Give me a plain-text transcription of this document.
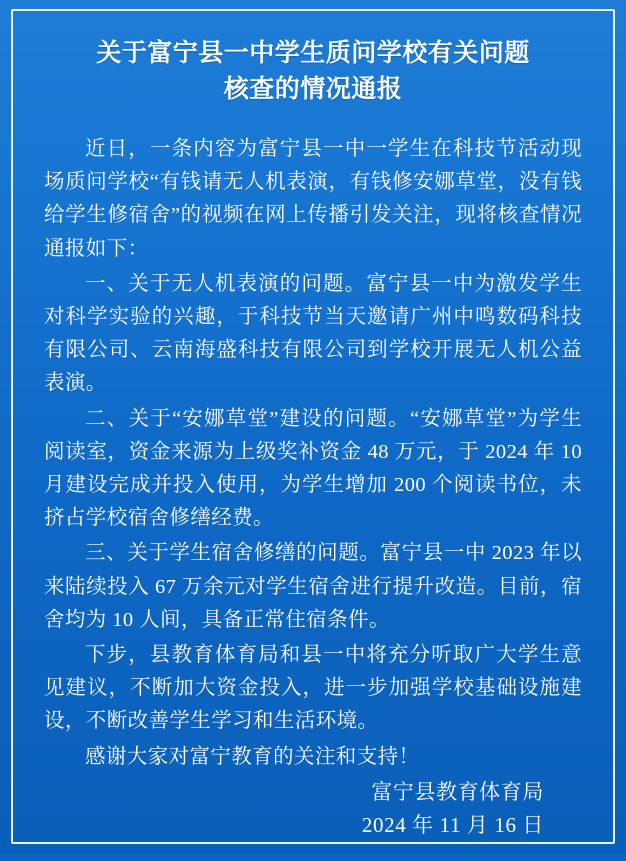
关于富宁县一中学生质问学校有关问题
核查的情况通报

近日，一条内容为富宁县一中一学生在科技节活动现场质问学校“有钱请无人机表演，有钱修安娜草堂，没有钱给学生修宿舍”的视频在网上传播引发关注，现将核查情况通报如下：

一、关于无人机表演的问题。富宁县一中为激发学生对科学实验的兴趣，于科技节当天邀请广州中鸣数码科技有限公司、云南海盛科技有限公司到学校开展无人机公益表演。

二、关于“安娜草堂”建设的问题。“安娜草堂”为学生阅读室，资金来源为上级奖补资金 48 万元，于 2024 年 10 月建设完成并投入使用，为学生增加 200 个阅读书位，未挤占学校宿舍修缮经费。

三、关于学生宿舍修缮的问题。富宁县一中 2023 年以来陆续投入 67 万余元对学生宿舍进行提升改造。目前，宿舍均为 10 人间，具备正常住宿条件。

下步，县教育体育局和县一中将充分听取广大学生意见建议，不断加大资金投入，进一步加强学校基础设施建设，不断改善学生学习和生活环境。

感谢大家对富宁教育的关注和支持！

富宁县教育体育局
2024 年 11 月 16 日
